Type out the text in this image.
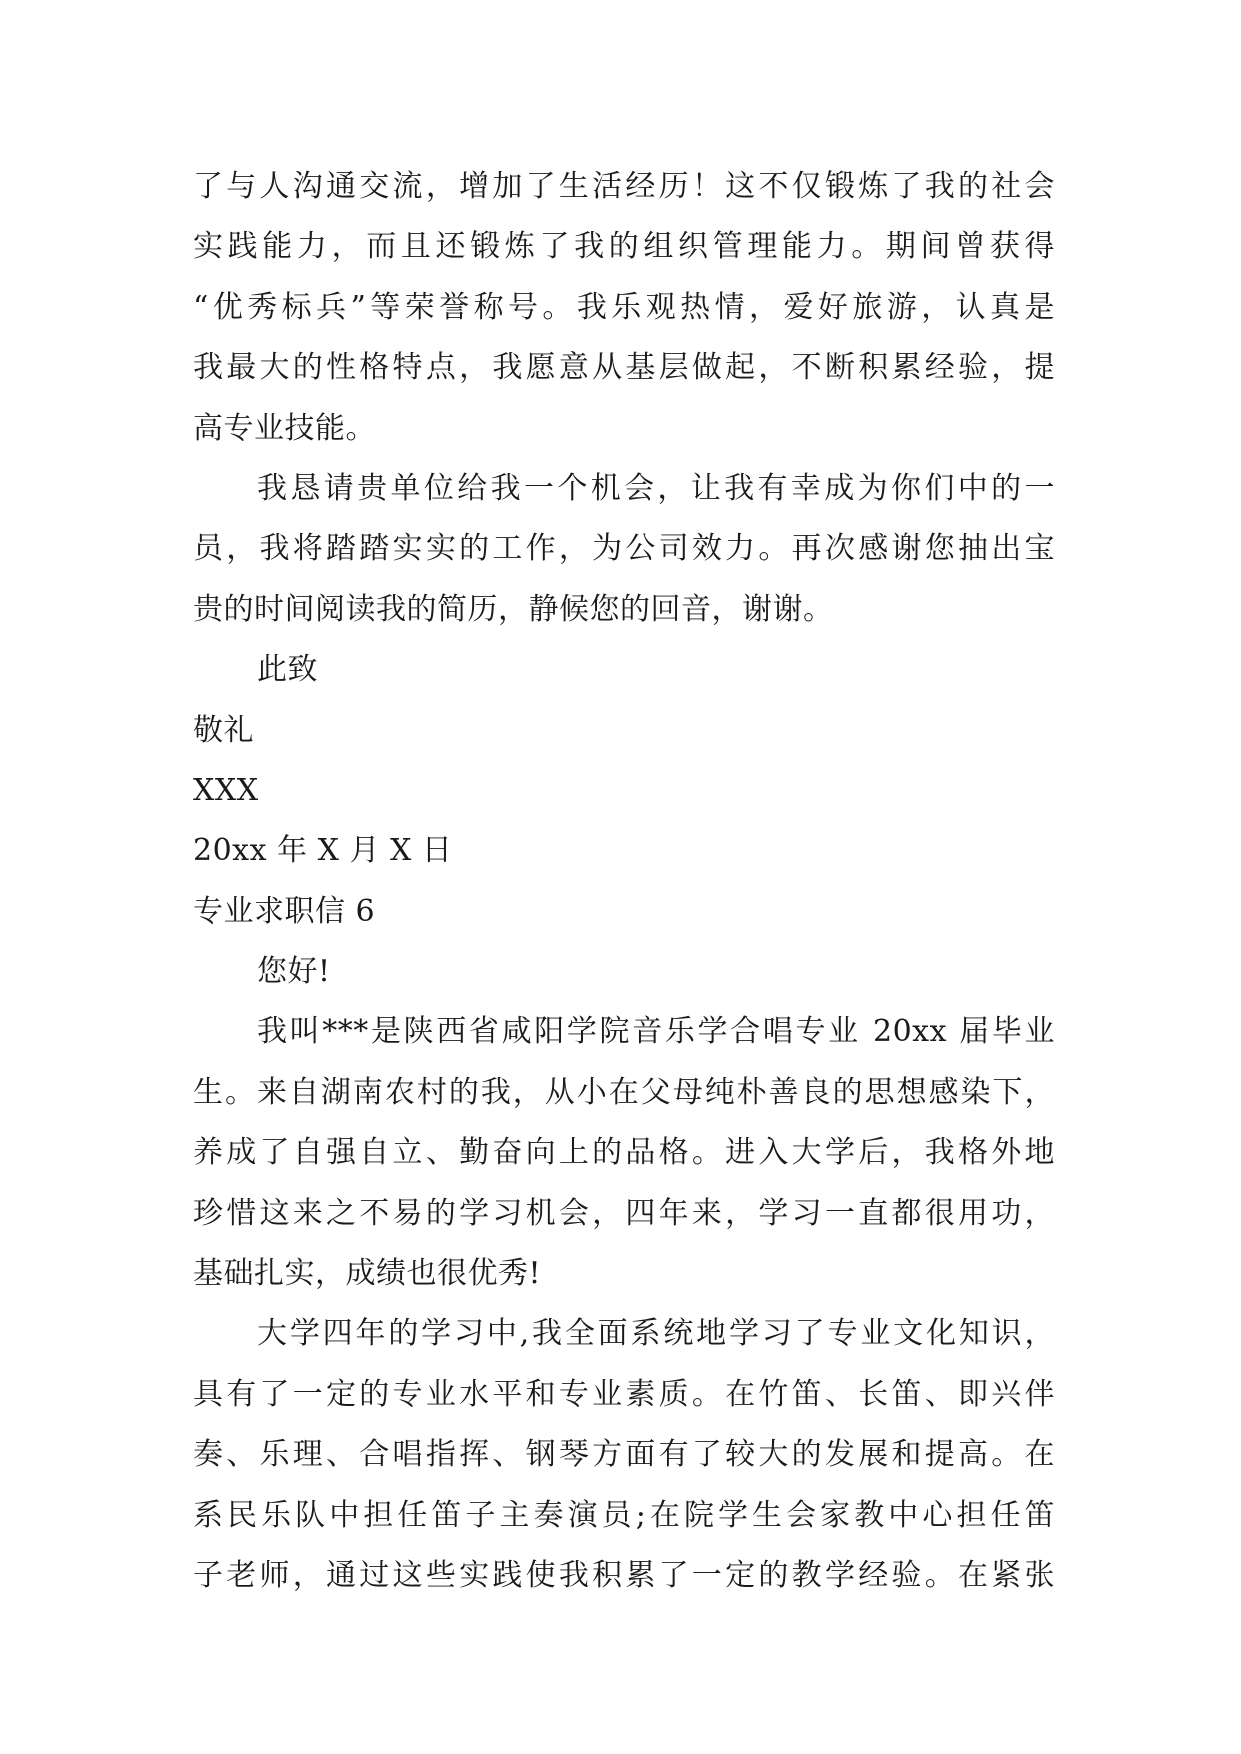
了与人沟通交流，增加了生活经历！这不仅锻炼了我的社会
实践能力，而且还锻炼了我的组织管理能力。期间曾获得
“优秀标兵”等荣誉称号。我乐观热情，爱好旅游，认真是
我最大的性格特点，我愿意从基层做起，不断积累经验，提
高专业技能。
我恳请贵单位给我一个机会，让我有幸成为你们中的一
员，我将踏踏实实的工作，为公司效力。再次感谢您抽出宝
贵的时间阅读我的简历，静候您的回音，谢谢。
此致
敬礼
XXX
20xx 年 X 月 X 日
专业求职信 6
您好!
我叫***是陕西省咸阳学院音乐学合唱专业 20xx 届毕业
生。来自湖南农村的我，从小在父母纯朴善良的思想感染下，
养成了自强自立、勤奋向上的品格。进入大学后，我格外地
珍惜这来之不易的学习机会，四年来，学习一直都很用功，
基础扎实，成绩也很优秀!
大学四年的学习中,我全面系统地学习了专业文化知识，
具有了一定的专业水平和专业素质。在竹笛、长笛、即兴伴
奏、乐理、合唱指挥、钢琴方面有了较大的发展和提高。在
系民乐队中担任笛子主奏演员;在院学生会家教中心担任笛
子老师，通过这些实践使我积累了一定的教学经验。在紧张
